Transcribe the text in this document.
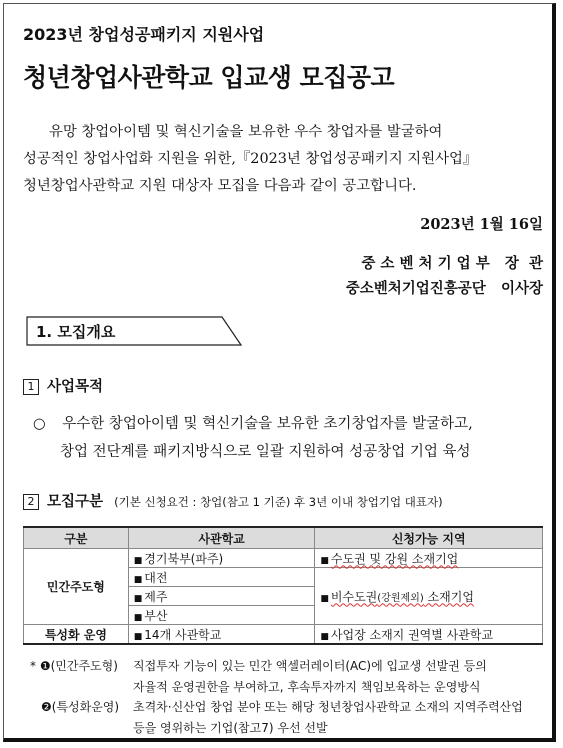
2023년 창업성공패키지 지원사업
청년창업사관학교 입교생 모집공고

유망 창업아이템 및 혁신기술을 보유한 우수 창업자를 발굴하여

성공적인 창업사업화 지원을 위한,『2023년 창업성공패키지 지원사업』

청년창업사관학교 지원 대상자 모집을 다음과 같이 공고합니다.

2023년 1월 16일
중 소 벤 처 기 업 부 장  관
중소벤처기업진흥공단 이사장
1. 모집개요
1 사업목적
○ 우수한 창업아이템 및 혁신기술을 보유한 초기창업자를 발굴하고,
창업 전단계를 패키지방식으로 일괄 지원하여 성공창업 기업 육성
2 모집구분 (기본 신청요건 : 창업(참고 1 기준) 후 3년 이내 창업기업 대표자)
구분	사관학교	신청가능 지역
민간주도형	■ 경기북부(파주)	■ 수도권 및 강원 소재기업
	■ 대전	■ 비수도권(강원제외) 소재기업
	■ 제주	
	■ 부산	
특성화 운영	■ 14개 사관학교	■ 사업장 소재지 권역별 사관학교
* ❶(민간주도형) 직접투자 기능이 있는 민간 액셀러레이터(AC)에 입교생 선발권 등의
자율적 운영권한을 부여하고, 후속투자까지 책임보육하는 운영방식
❷(특성화운영) 초격차·신산업 창업 분야 또는 해당 청년창업사관학교 소재의 지역주력산업
등을 영위하는 기업(참고7) 우선 선발
